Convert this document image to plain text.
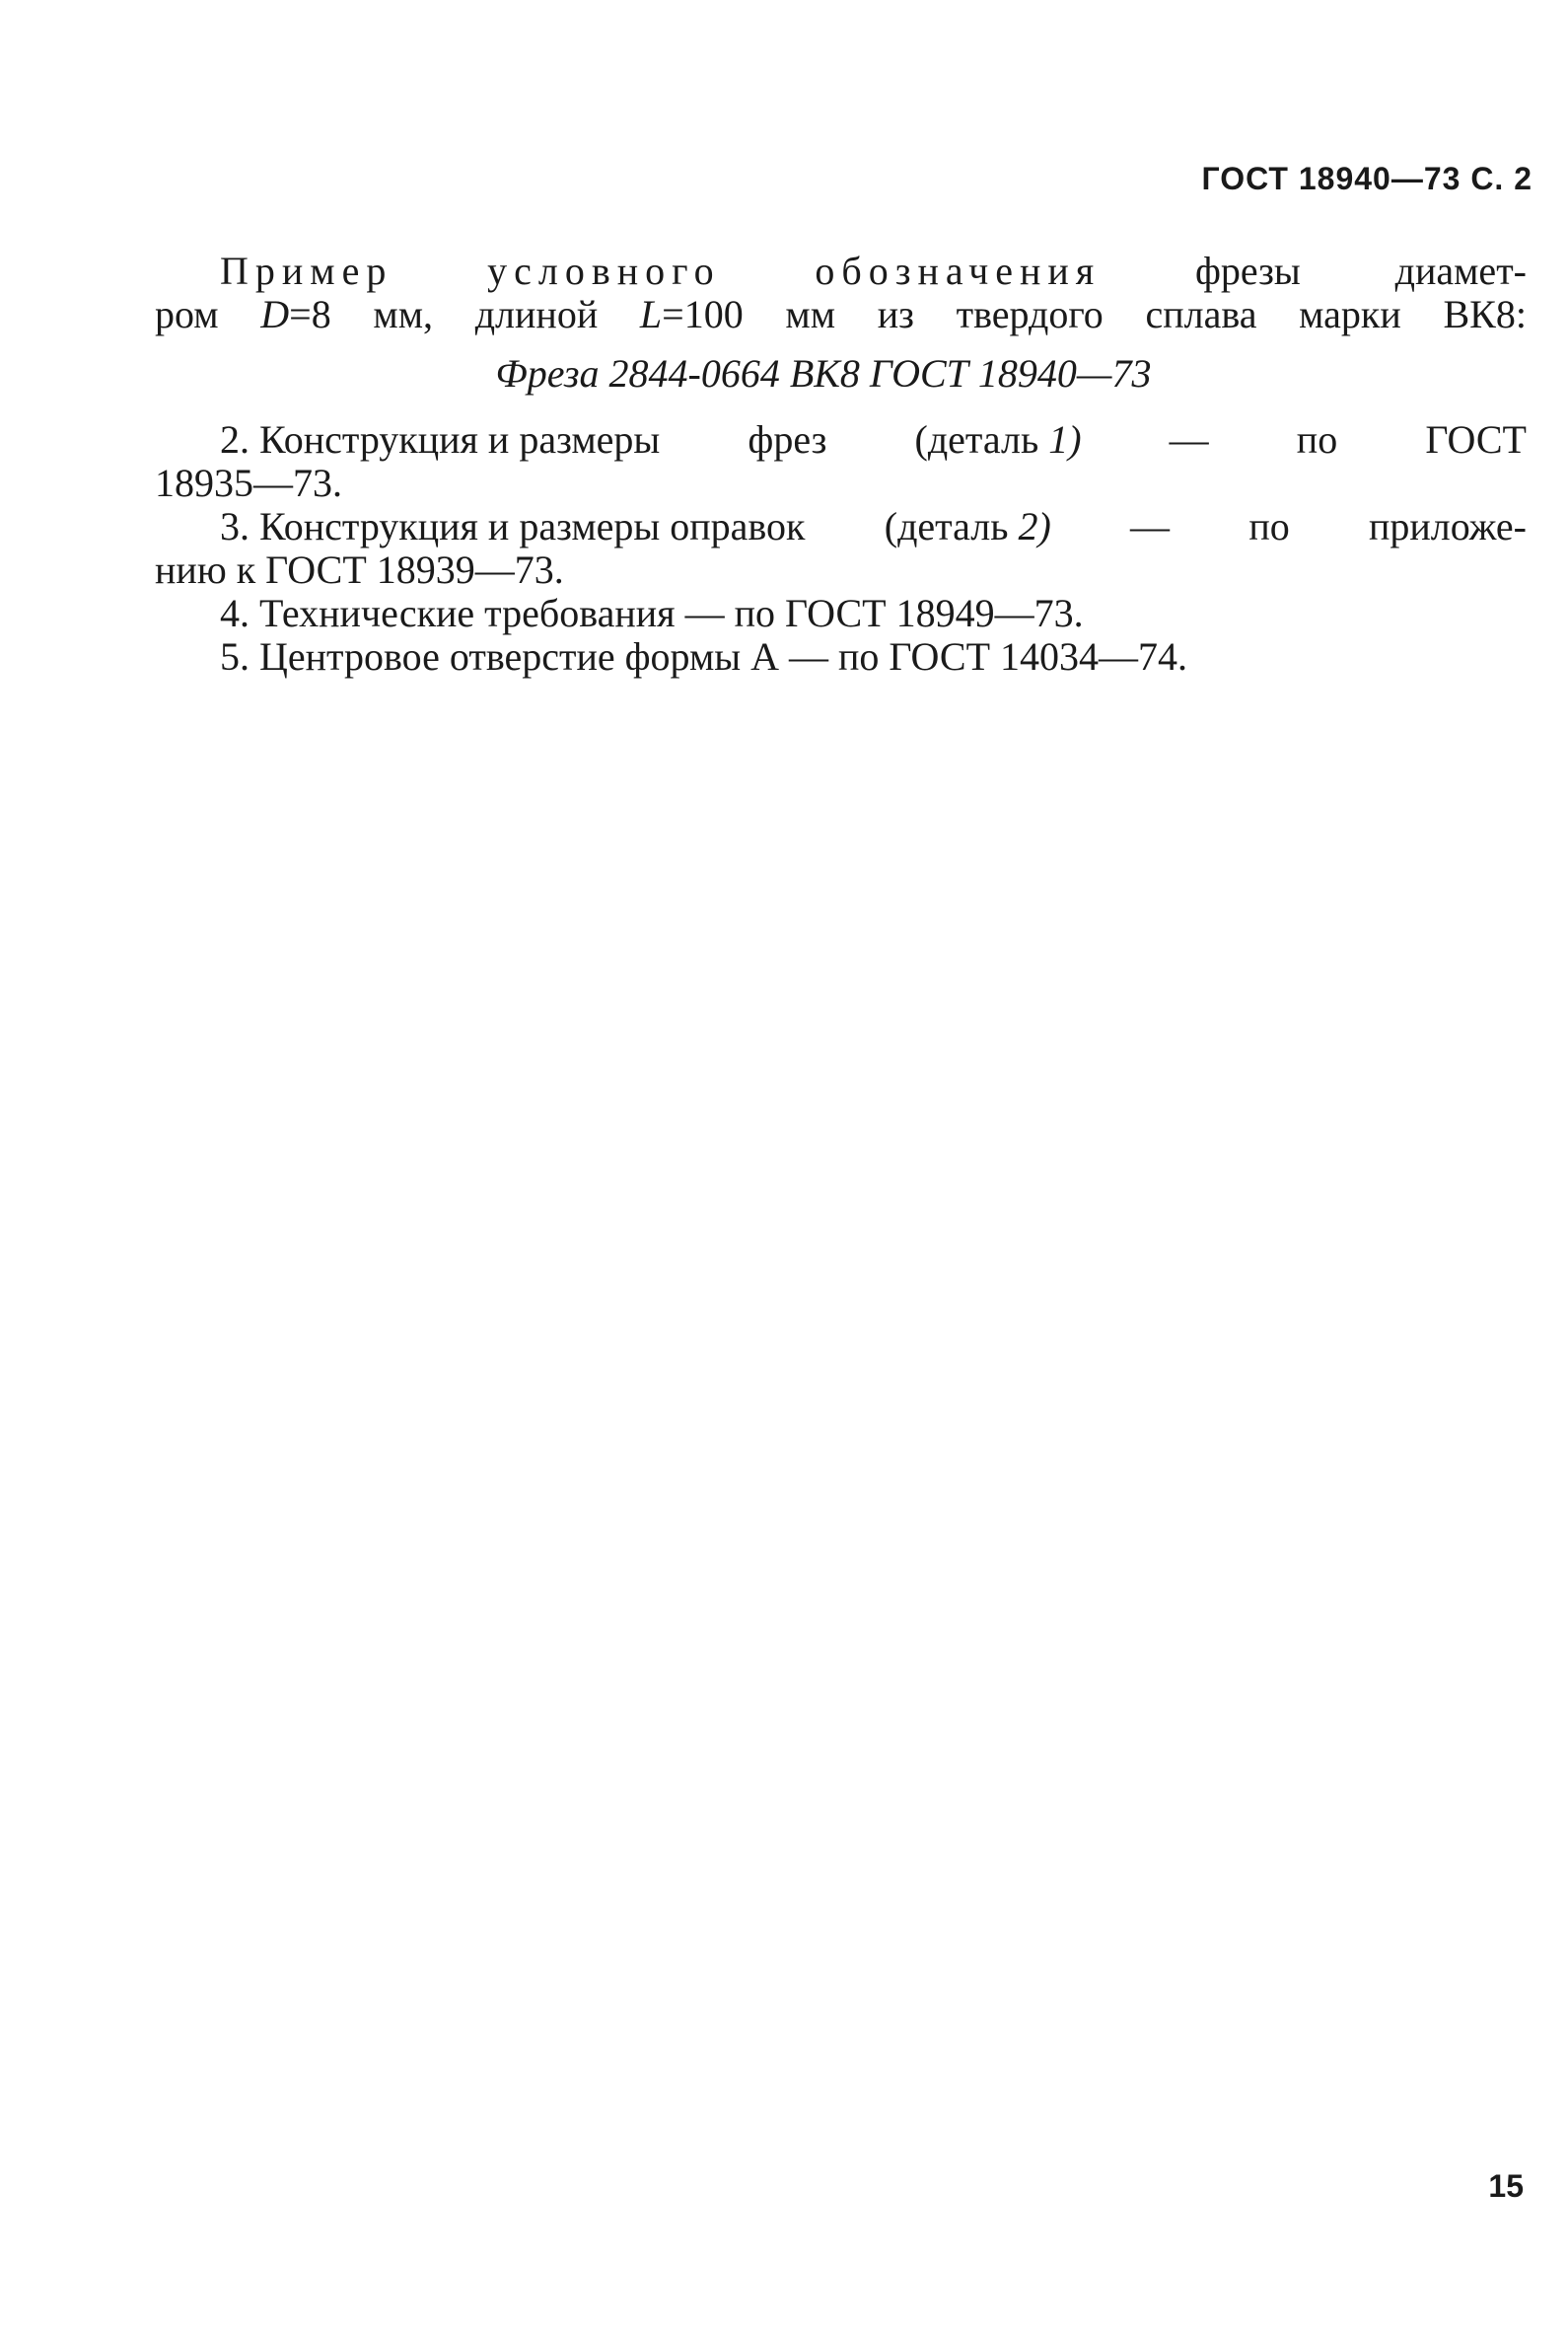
ГОСТ 18940—73 С. 2
Пример условного обозначения фрезы диамет-
ром D=8 мм, длиной L=100 мм из твердого сплава марки ВК8:
Фреза 2844-0664 ВК8 ГОСТ 18940—73
2. Конструкция и размеры фрез (деталь 1) — по ГОСТ
18935—73.
3. Конструкция и размеры оправок (деталь 2) — по приложе-
нию к ГОСТ 18939—73.
4. Технические требования — по ГОСТ 18949—73.
5. Центровое отверстие формы А — по ГОСТ 14034—74.
15
